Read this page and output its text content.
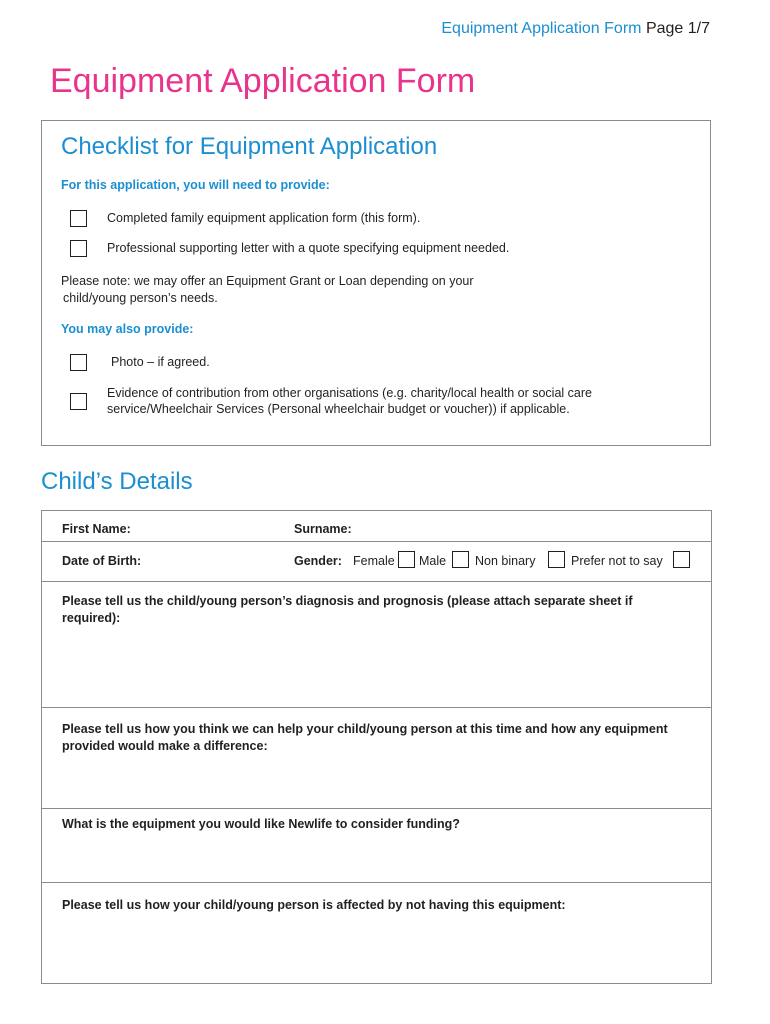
Equipment Application Form Page 1/7
Equipment Application Form
Checklist for Equipment Application
For this application, you will need to provide:
Completed family equipment application form (this form).
Professional supporting letter with a quote specifying equipment needed.
Please note: we may offer an Equipment Grant or Loan depending on your
child/young person’s needs.
You may also provide:
Photo – if agreed.
Evidence of contribution from other organisations (e.g. charity/local health or social care
service/Wheelchair Services (Personal wheelchair budget or voucher)) if applicable.
Child’s Details
First Name:	Surname:
Date of Birth:	Gender: Female Male Non binary	Prefer not to say
Please tell us the child/young person’s diagnosis and prognosis (please attach separate sheet if required):
Please tell us how you think we can help your child/young person at this time and how any equipment provided would make a difference:
What is the equipment you would like Newlife to consider funding?
Please tell us how your child/young person is affected by not having this equipment:
